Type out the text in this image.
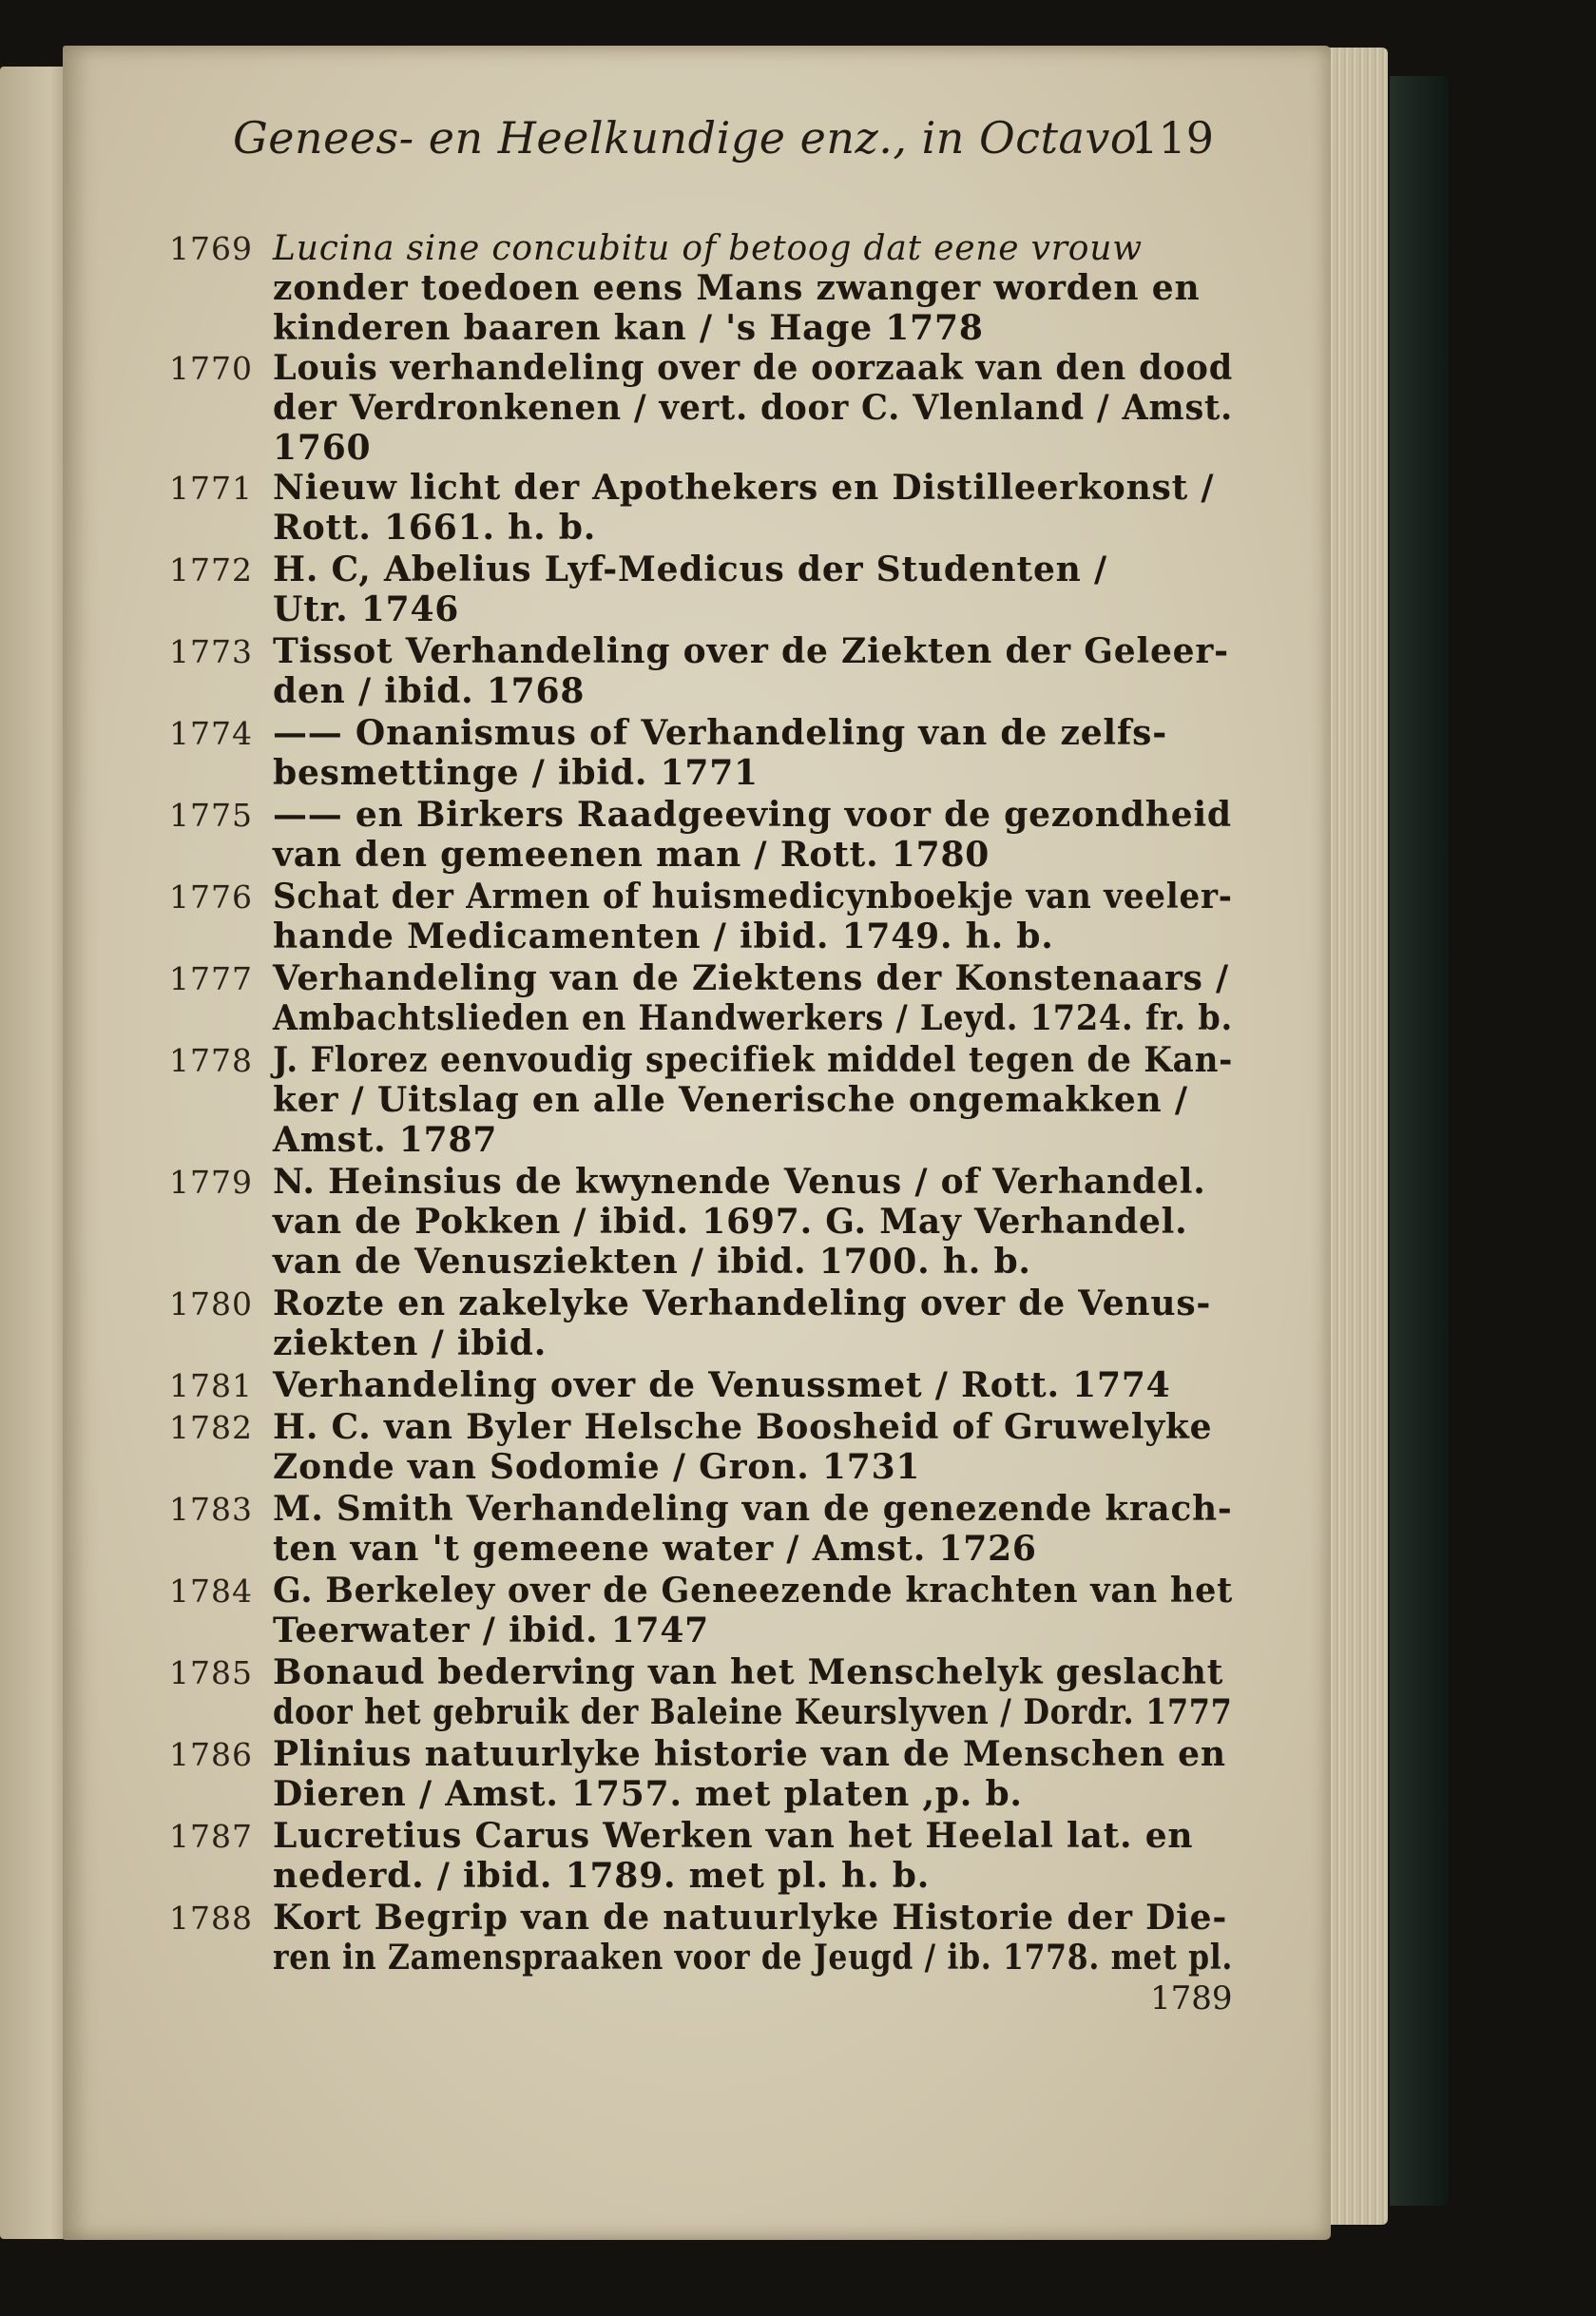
Genees- en Heelkundige enz., in Octavo.
119
1769 Lucina sine concubitu of betoog dat eene vrouw
zonder toedoen eens Mans zwanger worden en
kinderen baaren kan / 's Hage 1778
1770 Louis verhandeling over de oorzaak van den dood
der Verdronkenen / vert. door C. Vlenland / Amst.
1760
1771 Nieuw licht der Apothekers en Distilleerkonst /
Rott. 1661. h. b.
1772 H. C, Abelius Lyf-Medicus der Studenten /
Utr. 1746
1773 Tissot Verhandeling over de Ziekten der Geleer-
den / ibid. 1768
1774 —— Onanismus of Verhandeling van de zelfs-
besmettinge / ibid. 1771
1775 —— en Birkers Raadgeeving voor de gezondheid
van den gemeenen man / Rott. 1780
1776 Schat der Armen of huismedicynboekje van veeler-
hande Medicamenten / ibid. 1749. h. b.
1777 Verhandeling van de Ziektens der Konstenaars /
Ambachtslieden en Handwerkers / Leyd. 1724. fr. b.
1778 J. Florez eenvoudig specifiek middel tegen de Kan-
ker / Uitslag en alle Venerische ongemakken /
Amst. 1787
1779 N. Heinsius de kwynende Venus / of Verhandel.
van de Pokken / ibid. 1697. G. May Verhandel.
van de Venusziekten / ibid. 1700. h. b.
1780 Rozte en zakelyke Verhandeling over de Venus-
ziekten / ibid.
1781 Verhandeling over de Venussmet / Rott. 1774
1782 H. C. van Byler Helsche Boosheid of Gruwelyke
Zonde van Sodomie / Gron. 1731
1783 M. Smith Verhandeling van de genezende krach-
ten van 't gemeene water / Amst. 1726
1784 G. Berkeley over de Geneezende krachten van het
Teerwater / ibid. 1747
1785 Bonaud bederving van het Menschelyk geslacht
door het gebruik der Baleine Keurslyven / Dordr. 1777
1786 Plinius natuurlyke historie van de Menschen en
Dieren / Amst. 1757. met platen ,p. b.
1787 Lucretius Carus Werken van het Heelal lat. en
nederd. / ibid. 1789. met pl. h. b.
1788 Kort Begrip van de natuurlyke Historie der Die-
ren in Zamenspraaken voor de Jeugd / ib. 1778. met pl.
1789
